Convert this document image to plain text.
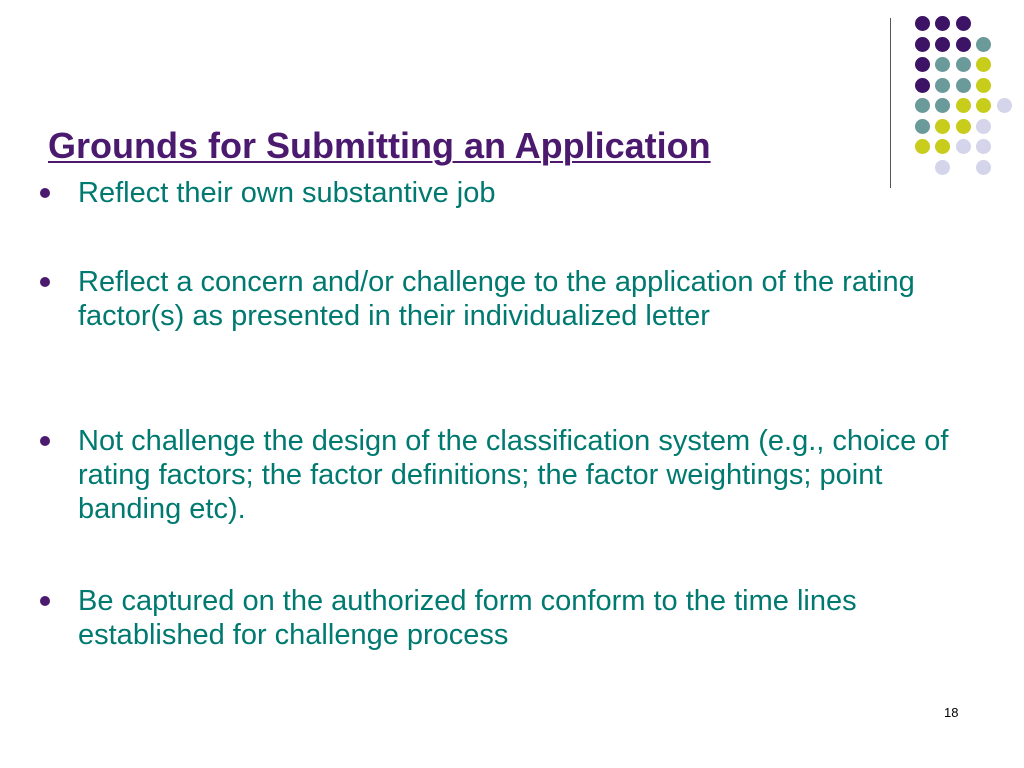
Grounds for Submitting an Application
Reflect their own substantive job
Reflect a concern and/or challenge to the application of the rating factor(s) as presented in their individualized letter
Not challenge the design of the classification system (e.g., choice of rating factors; the factor definitions; the factor weightings; point banding etc).
Be captured on the authorized form conform to the time lines established for challenge process
18
